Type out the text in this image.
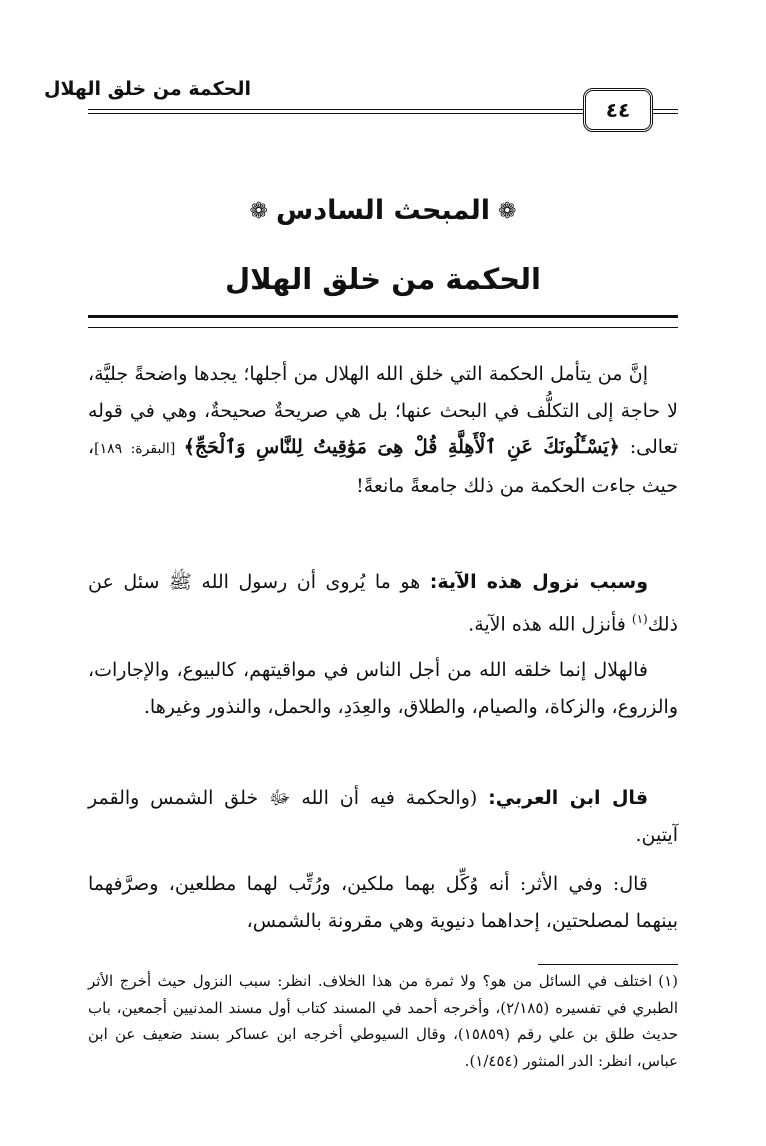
الحكمة من خلق الهلال
٤٤
❁المبحث السادس❁
الحكمة من خلق الهلال
إنَّ من يتأمل الحكمة التي خلق الله الهلال من أجلها؛ يجدها واضحةً جليَّة، لا حاجة إلى التكلُّف في البحث عنها؛ بل هي صريحةٌ صحيحةٌ، وهي في قوله تعالى: ﴿يَسْـَٔلُونَكَ عَنِ ٱلْأَهِلَّةِ قُلْ هِىَ مَوَٰقِيتُ لِلنَّاسِ وَٱلْحَجِّ﴾ [البقرة: ١٨٩]، حيث جاءت الحكمة من ذلك جامعةً مانعةً!
وسبب نزول هذه الآية: هو ما يُروى أن رسول الله ﷺ سئل عن ذلك$^{(١)}$ فأنزل الله هذه الآية.
فالهلال إنما خلقه الله من أجل الناس في مواقيتهم، كالبيوع، والإجارات، والزروع، والزكاة، والصيام، والطلاق، والعِدَدِ، والحمل، والنذور وغيرها.
قال ابن العربي: (والحكمة فيه أن الله ﷻ خلق الشمس والقمر آيتين.
قال: وفي الأثر: أنه وُكِّل بهما ملكين، ورُتِّب لهما مطلعين، وصرَّفهما بينهما لمصلحتين، إحداهما دنيوية وهي مقرونة بالشمس،
(١)اختلف في السائل من هو؟ ولا ثمرة من هذا الخلاف. انظر: سبب النزول حيث أخرج الأثر الطبري في تفسيره (٢/١٨٥)، وأخرجه أحمد في المسند كتاب أول مسند المدنيين أجمعين، باب حديث طلق بن علي رقم (١٥٨٥٩)، وقال السيوطي أخرجه ابن عساكر بسند ضعيف عن ابن عباس، انظر: الدر المنثور (١/٤٥٤).
